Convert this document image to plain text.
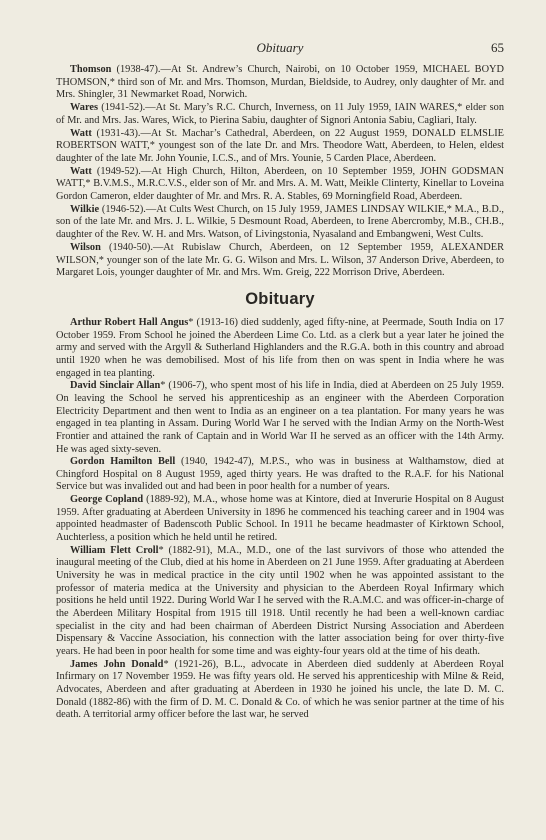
Obituary	65

Thomson (1938-47).—At St. Andrew’s Church, Nairobi, on 10 October 1959, MICHAEL BOYD THOMSON,* third son of Mr. and Mrs. Thomson, Murdan, Bieldside, to Audrey, only daughter of Mr. and Mrs. Shingler, 31 Newmarket Road, Norwich.

Wares (1941-52).—At St. Mary’s R.C. Church, Inverness, on 11 July 1959, IAIN WARES,* elder son of Mr. and Mrs. Jas. Wares, Wick, to Pierina Sabiu, daughter of Signori Antonia Sabiu, Cagliari, Italy.

Watt (1931-43).—At St. Machar’s Cathedral, Aberdeen, on 22 August 1959, DONALD ELMSLIE ROBERTSON WATT,* youngest son of the late Dr. and Mrs. Theodore Watt, Aberdeen, to Helen, eldest daughter of the late Mr. John Younie, I.C.S., and of Mrs. Younie, 5 Carden Place, Aberdeen.

Watt (1949-52).—At High Church, Hilton, Aberdeen, on 10 September 1959, JOHN GODSMAN WATT,* B.V.M.S., M.R.C.V.S., elder son of Mr. and Mrs. A. M. Watt, Meikle Clinterty, Kinellar to Loveina Gordon Cameron, elder daughter of Mr. and Mrs. R. A. Stables, 69 Morningfield Road, Aberdeen.

Wilkie (1946-52).—At Cults West Church, on 15 July 1959, JAMES LINDSAY WILKIE,* M.A., B.D., son of the late Mr. and Mrs. J. L. Wilkie, 5 Desmount Road, Aberdeen, to Irene Abercromby, M.B., CH.B., daughter of the Rev. W. H. and Mrs. Watson, of Livingstonia, Nyasaland and Embangweni, West Cults.

Wilson (1940-50).—At Rubislaw Church, Aberdeen, on 12 September 1959, ALEXANDER WILSON,* younger son of the late Mr. G. G. Wilson and Mrs. L. Wilson, 37 Anderson Drive, Aberdeen, to Margaret Lois, younger daughter of Mr. and Mrs. Wm. Greig, 222 Morrison Drive, Aberdeen.

Obituary

Arthur Robert Hall Angus* (1913-16) died suddenly, aged fifty-nine, at Peermade, South India on 17 October 1959. From School he joined the Aberdeen Lime Co. Ltd. as a clerk but a year later he joined the army and served with the Argyll & Sutherland Highlanders and the R.G.A. both in this country and abroad until 1920 when he was demobilised. Most of his life from then on was spent in India where he was engaged in tea planting.

David Sinclair Allan* (1906-7), who spent most of his life in India, died at Aberdeen on 25 July 1959. On leaving the School he served his apprenticeship as an engineer with the Aberdeen Corporation Electricity Department and then went to India as an engineer on a tea plantation. For many years he was engaged in tea planting in Assam. During World War I he served with the Indian Army on the North-West Frontier and attained the rank of Captain and in World War II he served as an officer with the 14th Army. He was aged sixty-seven.

Gordon Hamilton Bell (1940, 1942-47), M.P.S., who was in business at Walthamstow, died at Chingford Hospital on 8 August 1959, aged thirty years. He was drafted to the R.A.F. for his National Service but was invalided out and had been in poor health for a number of years.

George Copland (1889-92), M.A., whose home was at Kintore, died at Inverurie Hospital on 8 August 1959. After graduating at Aberdeen University in 1896 he commenced his teaching career and in 1904 was appointed headmaster of Badenscoth Public School. In 1911 he became headmaster of Kirktown School, Auchterless, a position which he held until he retired.

William Flett Croll* (1882-91), M.A., M.D., one of the last survivors of those who attended the inaugural meeting of the Club, died at his home in Aberdeen on 21 June 1959. After graduating at Aberdeen University he was in medical practice in the city until 1902 when he was appointed assistant to the professor of materia medica at the University and physician to the Aberdeen Royal Infirmary which positions he held until 1922. During World War I he served with the R.A.M.C. and was officer-in-charge of the Aberdeen Military Hospital from 1915 till 1918. Until recently he had been a well-known cardiac specialist in the city and had been chairman of Aberdeen District Nursing Association and Aberdeen Dispensary & Vaccine Association, his connection with the latter association being for over thirty-five years. He had been in poor health for some time and was eighty-four years old at the time of his death.

James John Donald* (1921-26), B.L., advocate in Aberdeen died suddenly at Aberdeen Royal Infirmary on 17 November 1959. He was fifty years old. He served his apprenticeship with Milne & Reid, Advocates, Aberdeen and after graduating at Aberdeen in 1930 he joined his uncle, the late D. M. C. Donald (1882-86) with the firm of D. M. C. Donald & Co. of which he was senior partner at the time of his death. A territorial army officer before the last war, he served
